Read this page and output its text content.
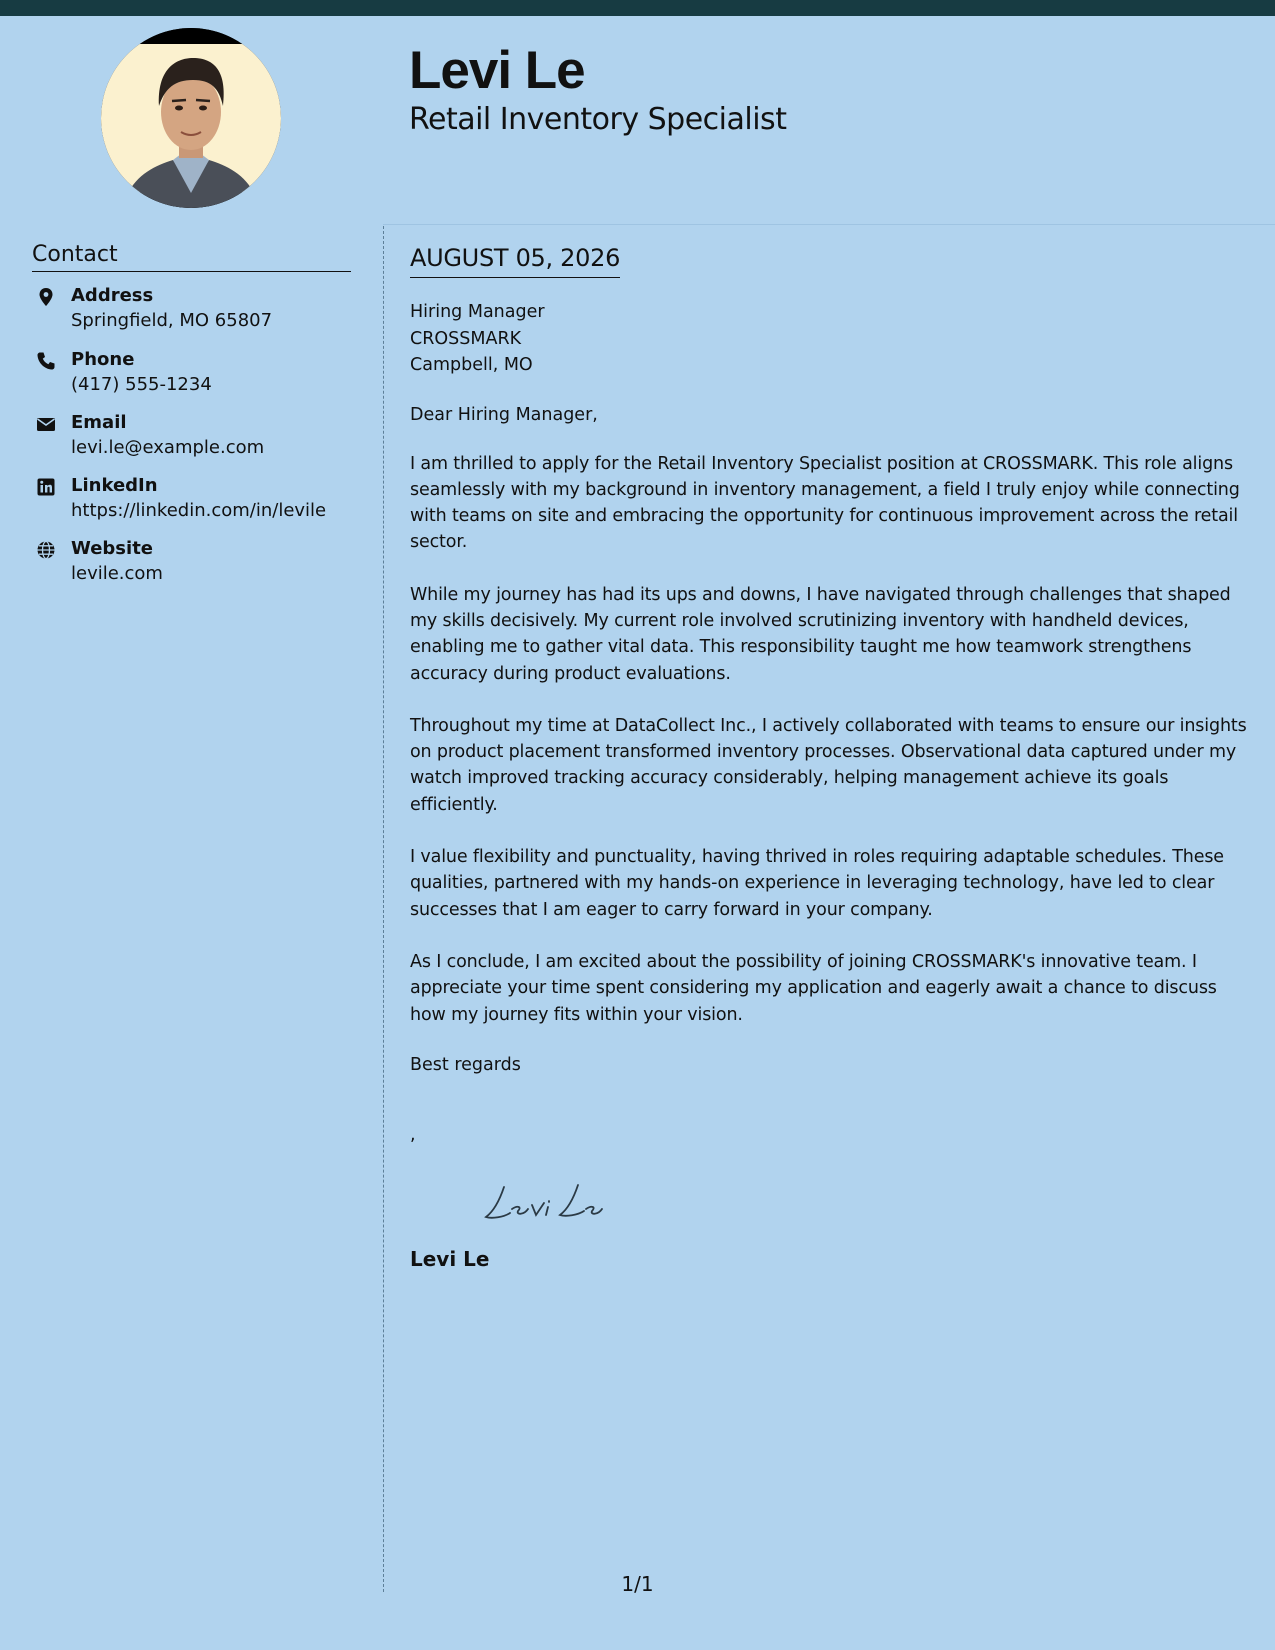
Levi Le
Retail Inventory Specialist
Contact
Address
Springfield, MO 65807
Phone
(417) 555-1234
Email
levi.le@example.com
LinkedIn
https://linkedin.com/in/levile
Website
levile.com
AUGUST 05, 2026
Hiring Manager
CROSSMARK
Campbell, MO
Dear Hiring Manager,

I am thrilled to apply for the Retail Inventory Specialist position at CROSSMARK. This role aligns seamlessly with my background in inventory management, a field I truly enjoy while connecting with teams on site and embracing the opportunity for continuous improvement across the retail sector.

While my journey has had its ups and downs, I have navigated through challenges that shaped my skills decisively. My current role involved scrutinizing inventory with handheld devices, enabling me to gather vital data. This responsibility taught me how teamwork strengthens accuracy during product evaluations.

Throughout my time at DataCollect Inc., I actively collaborated with teams to ensure our insights on product placement transformed inventory processes. Observational data captured under my watch improved tracking accuracy considerably, helping management achieve its goals efficiently.

I value flexibility and punctuality, having thrived in roles requiring adaptable schedules. These qualities, partnered with my hands-on experience in leveraging technology, have led to clear successes that I am eager to carry forward in your company.

As I conclude, I am excited about the possibility of joining CROSSMARK's innovative team. I appreciate your time spent considering my application and eagerly await a chance to discuss how my journey fits within your vision.

Best regards
,
Levi Le
1/1
